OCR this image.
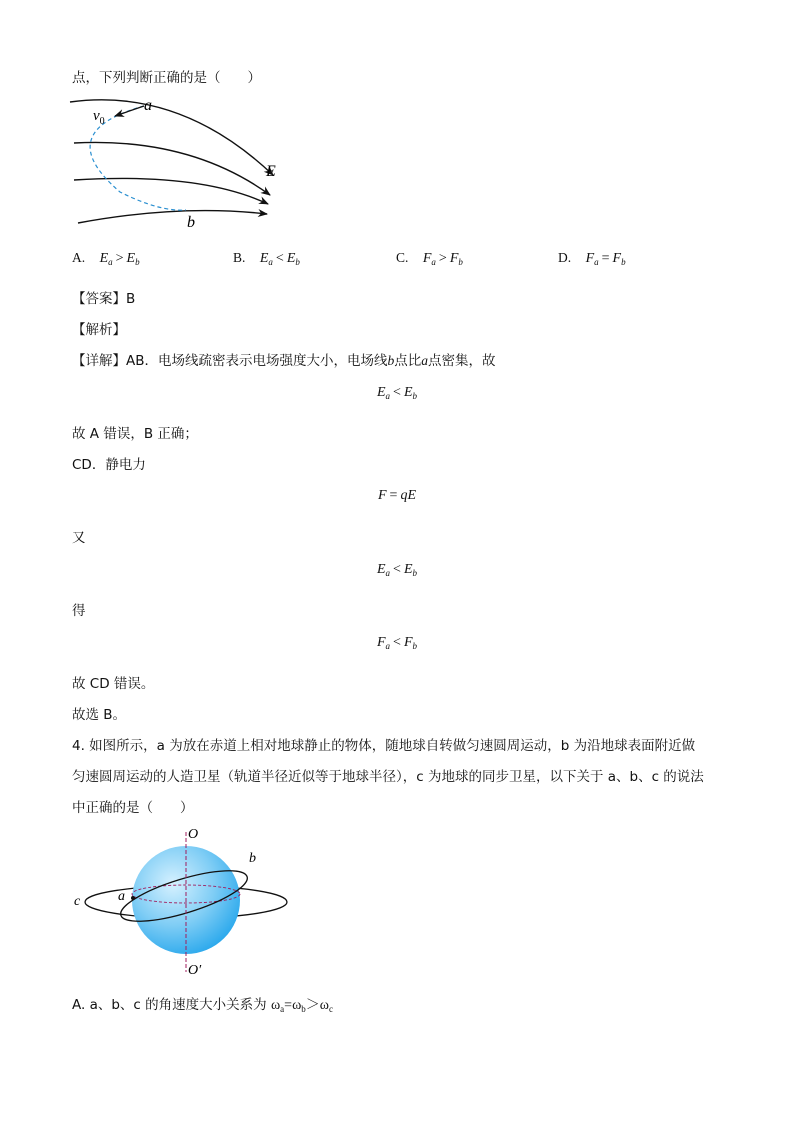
点，下列判断正确的是（　　）
a
$v_0$
E
b
A. $E_a > E_b$	B. $E_a < E_b$	C. $F_a > F_b$	D. $F_a = F_b$
【答案】B
【解析】
【详解】AB．电场线疏密表示电场强度大小，电场线b点比a点密集，故
$E_a < E_b$
故 A 错误，B 正确；
CD．静电力
F = qE
又
$E_a < E_b$
得
$F_a < F_b$
故 CD 错误。
故选 B。
4. 如图所示，a 为放在赤道上相对地球静止的物体，随地球自转做匀速圆周运动，b 为沿地球表面附近做
匀速圆周运动的人造卫星（轨道半径近似等于地球半径），c 为地球的同步卫星，以下关于 a、b、c 的说法
中正确的是（　　）
O
O′
a
b
c
A. a、b、c 的角速度大小关系为 $\omega_a=\omega_b>\omega_c$
